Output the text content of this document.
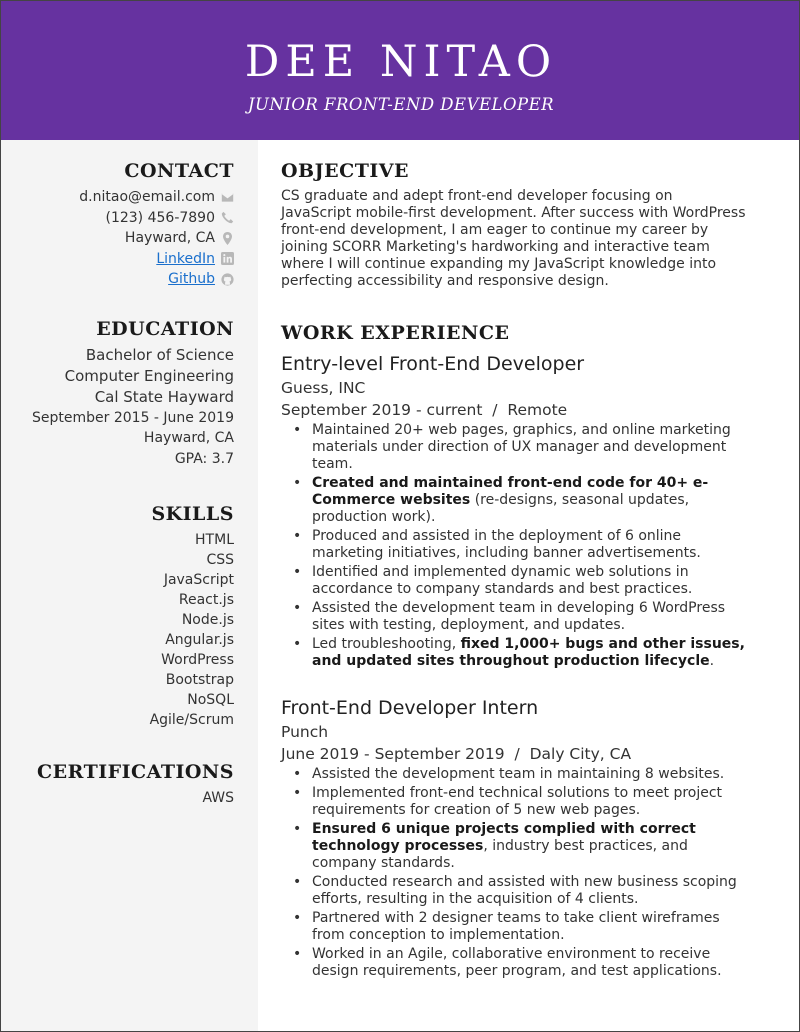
DEE NITAO
JUNIOR FRONT-END DEVELOPER
CONTACT
d.nitao@email.com
(123) 456-7890
Hayward, CA
LinkedIn
Github
EDUCATION
Bachelor of Science
Computer Engineering
Cal State Hayward
September 2015 - June 2019
Hayward, CA
GPA: 3.7
SKILLS
HTML
CSS
JavaScript
React.js
Node.js
Angular.js
WordPress
Bootstrap
NoSQL
Agile/Scrum
CERTIFICATIONS
AWS
OBJECTIVE
CS graduate and adept front-end developer focusing on JavaScript mobile-first development. After success with WordPress front-end development, I am eager to continue my career by joining SCORR Marketing's hardworking and interactive team where I will continue expanding my JavaScript knowledge into perfecting accessibility and responsive design.
WORK EXPERIENCE
Entry-level Front-End Developer
Guess, INC
September 2019 - current / Remote
• Maintained 20+ web pages, graphics, and online marketing materials under direction of UX manager and development team.
• Created and maintained front-end code for 40+ e-Commerce websites (re-designs, seasonal updates, production work).
• Produced and assisted in the deployment of 6 online marketing initiatives, including banner advertisements.
• Identified and implemented dynamic web solutions in accordance to company standards and best practices.
• Assisted the development team in developing 6 WordPress sites with testing, deployment, and updates.
• Led troubleshooting, fixed 1,000+ bugs and other issues, and updated sites throughout production lifecycle.
Front-End Developer Intern
Punch
June 2019 - September 2019 / Daly City, CA
• Assisted the development team in maintaining 8 websites.
• Implemented front-end technical solutions to meet project requirements for creation of 5 new web pages.
• Ensured 6 unique projects complied with correct technology processes, industry best practices, and company standards.
• Conducted research and assisted with new business scoping efforts, resulting in the acquisition of 4 clients.
• Partnered with 2 designer teams to take client wireframes from conception to implementation.
• Worked in an Agile, collaborative environment to receive design requirements, peer program, and test applications.
